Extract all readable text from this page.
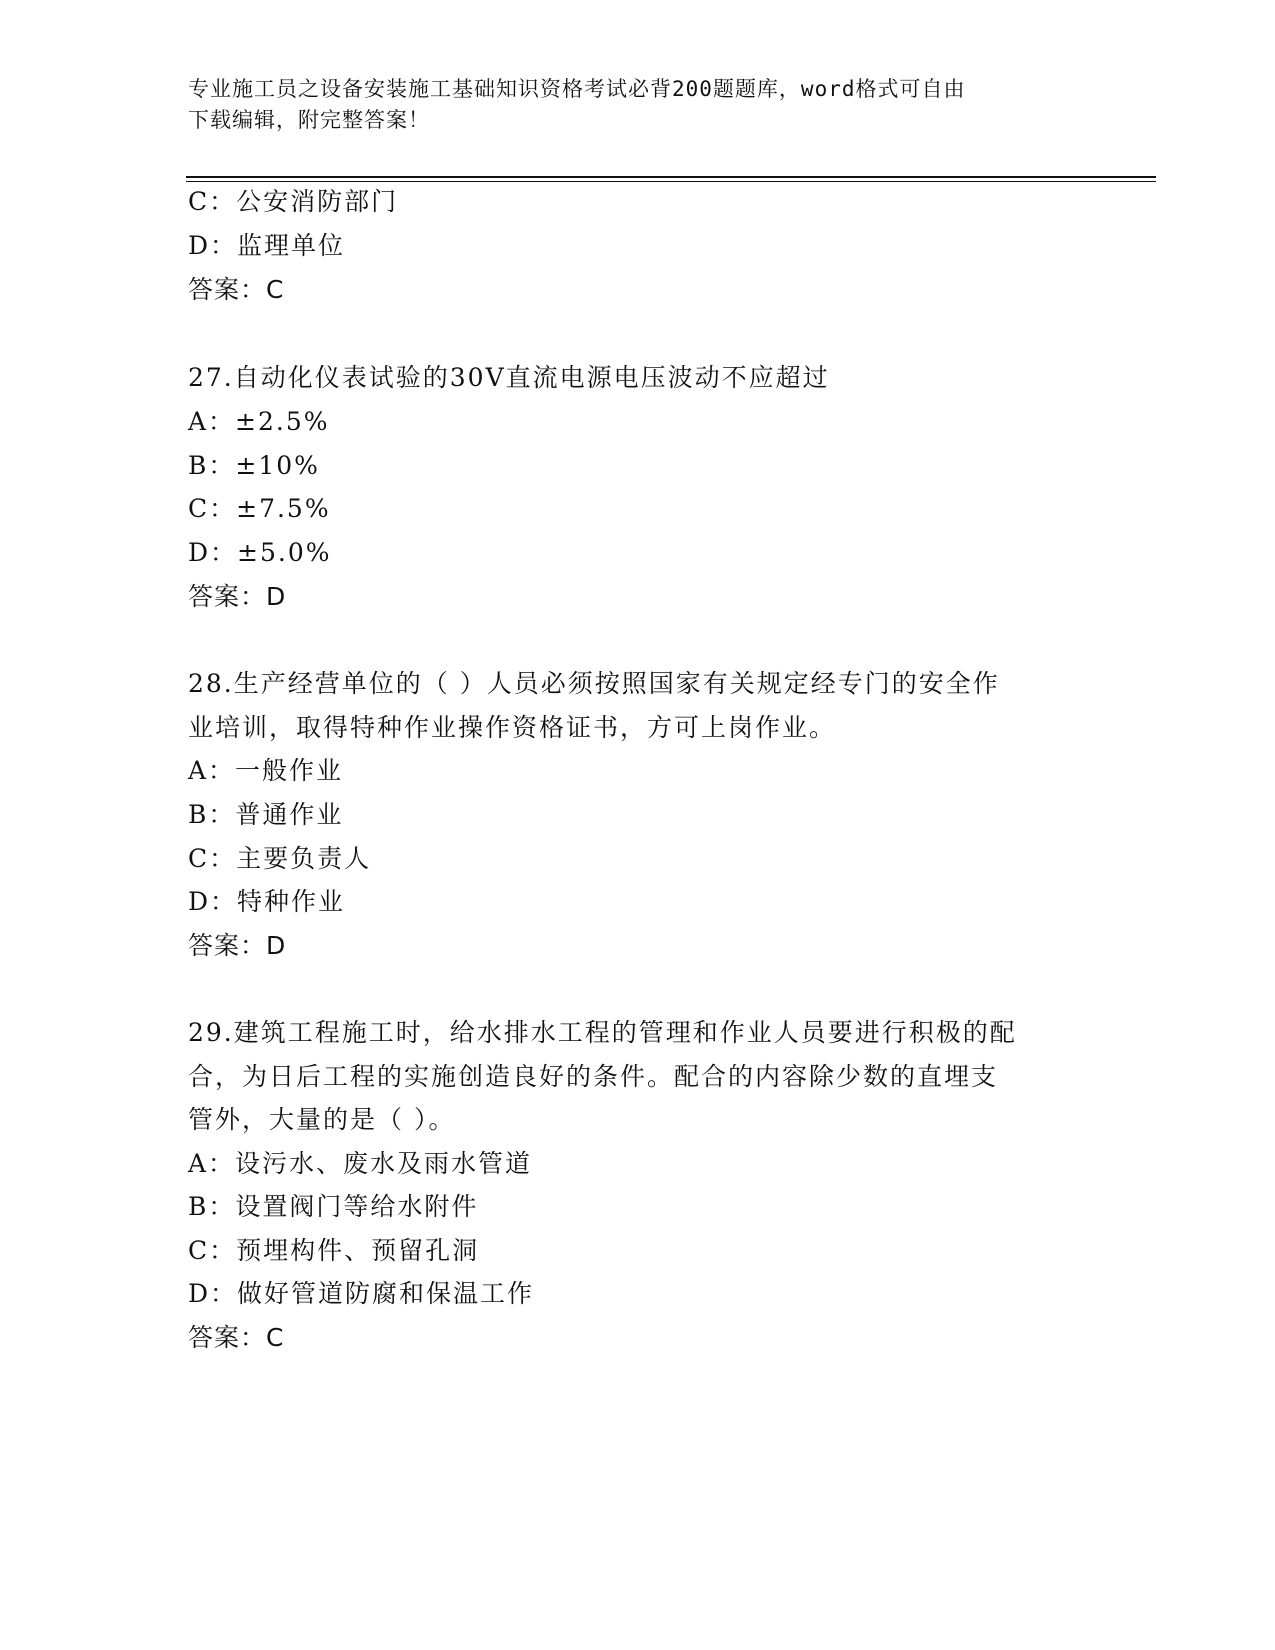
专业施工员之设备安装施工基础知识资格考试必背200题题库，word格式可自由
下载编辑，附完整答案！
C：公安消防部门
D：监理单位
答案：C
27.自动化仪表试验的30V直流电源电压波动不应超过
A：±2.5%
B：±10%
C：±7.5%
D：±5.0%
答案：D
28.生产经营单位的（ ）人员必须按照国家有关规定经专门的安全作
业培训，取得特种作业操作资格证书，方可上岗作业。
A：一般作业
B：普通作业
C：主要负责人
D：特种作业
答案：D
29.建筑工程施工时，给水排水工程的管理和作业人员要进行积极的配
合，为日后工程的实施创造良好的条件。配合的内容除少数的直埋支
管外，大量的是（ ）。
A：设污水、废水及雨水管道
B：设置阀门等给水附件
C：预埋构件、预留孔洞
D：做好管道防腐和保温工作
答案：C
